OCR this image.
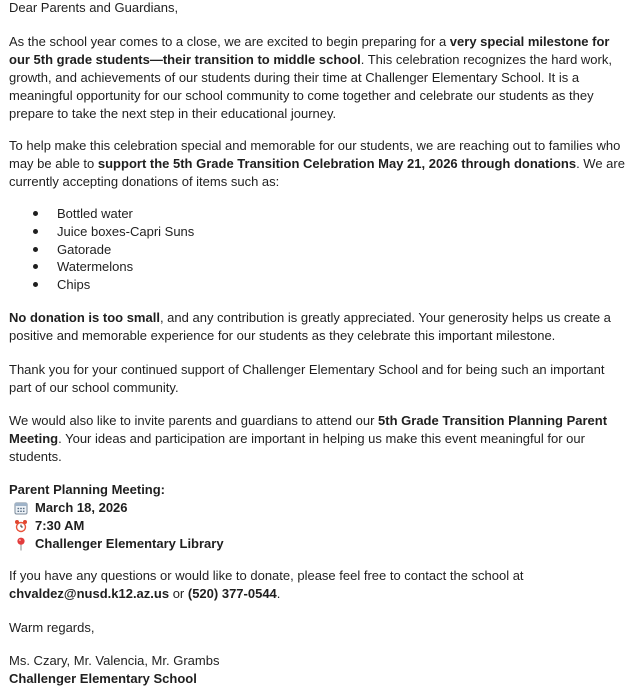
Dear Parents and Guardians,

As the school year comes to a close, we are excited to begin preparing for a very special milestone for our 5th grade students—their transition to middle school. This celebration recognizes the hard work, growth, and achievements of our students during their time at Challenger Elementary School. It is a meaningful opportunity for our school community to come together and celebrate our students as they prepare to take the next step in their educational journey.

To help make this celebration special and memorable for our students, we are reaching out to families who may be able to support the 5th Grade Transition Celebration May 21, 2026 through donations. We are currently accepting donations of items such as:

Bottled water
Juice boxes-Capri Suns
Gatorade
Watermelons
Chips

No donation is too small, and any contribution is greatly appreciated. Your generosity helps us create a positive and memorable experience for our students as they celebrate this important milestone.

Thank you for your continued support of Challenger Elementary School and for being such an important part of our school community.

We would also like to invite parents and guardians to attend our 5th Grade Transition Planning Parent Meeting. Your ideas and participation are important in helping us make this event meaningful for our students.

Parent Planning Meeting:
March 18, 2026
7:30 AM
Challenger Elementary Library

If you have any questions or would like to donate, please feel free to contact the school at
chvaldez@nusd.k12.az.us or (520) 377-0544.

Warm regards,

Ms. Czary, Mr. Valencia, Mr. Grambs

Challenger Elementary School
